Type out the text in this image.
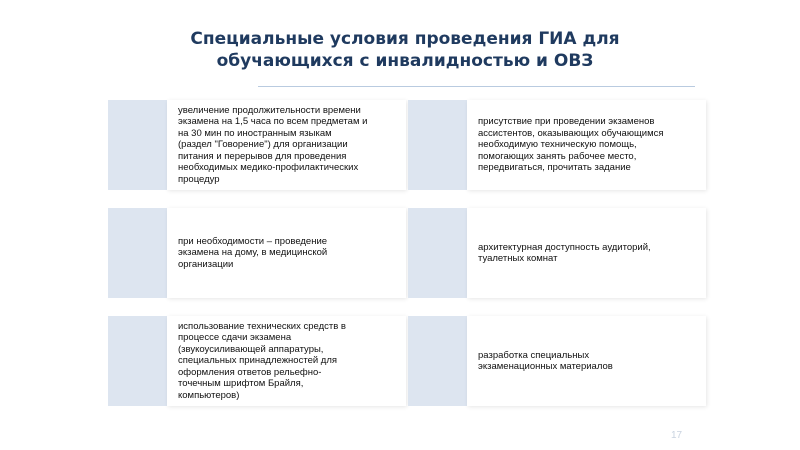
Специальные условия проведения ГИА для
обучающихся с инвалидностью и ОВЗ
увеличение продолжительности времени
экзамена на 1,5 часа по всем предметам и
на 30 мин по иностранным языкам
(раздел "Говорение") для организации
питания и перерывов для проведения
необходимых медико-профилактических
процедур
присутствие при проведении экзаменов
ассистентов, оказывающих обучающимся
необходимую техническую помощь,
помогающих занять рабочее место,
передвигаться, прочитать задание
при необходимости – проведение
экзамена на дому, в медицинской
организации
архитектурная доступность аудиторий,
туалетных комнат
использование технических средств в
процессе сдачи экзамена
(звукоусиливающей аппаратуры,
специальных принадлежностей для
оформления ответов рельефно-
точечным шрифтом Брайля,
компьютеров)
разработка специальных
экзаменационных материалов
17
